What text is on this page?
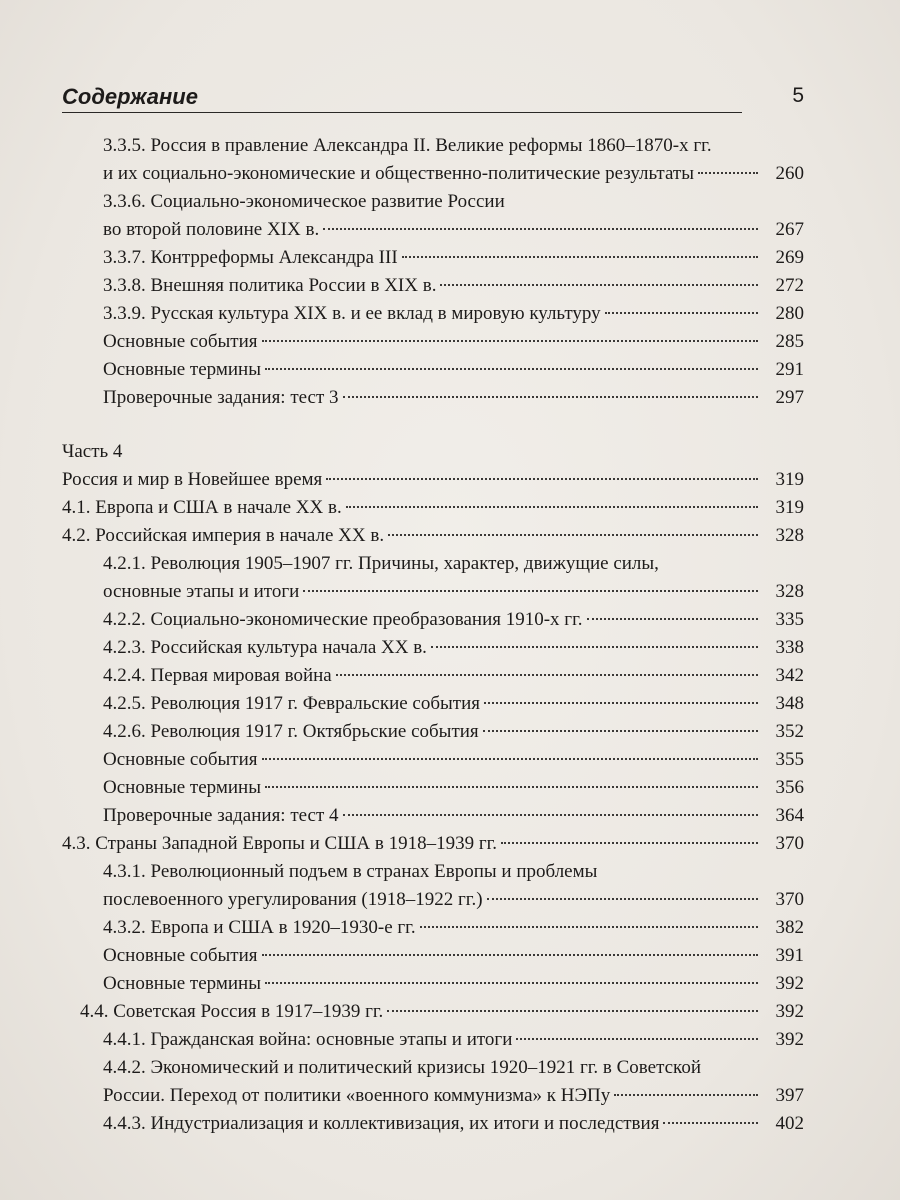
Содержание	5
3.3.5. Россия в правление Александра II. Великие реформы 1860–1870-х гг.
и их социально-экономические и общественно-политические результаты	260
3.3.6. Социально-экономическое развитие России
во второй половине XIX в.	267
3.3.7. Контрреформы Александра III	269
3.3.8. Внешняя политика России в XIX в.	272
3.3.9. Русская культура XIX в. и ее вклад в мировую культуру	280
Основные события	285
Основные термины	291
Проверочные задания: тест 3	297
Часть 4
Россия и мир в Новейшее время	319
4.1. Европа и США в начале XX в.	319
4.2. Российская империя в начале XX в.	328
4.2.1. Революция 1905–1907 гг. Причины, характер, движущие силы,
основные этапы и итоги	328
4.2.2. Социально-экономические преобразования 1910-х гг.	335
4.2.3. Российская культура начала XX в.	338
4.2.4. Первая мировая война	342
4.2.5. Революция 1917 г. Февральские события	348
4.2.6. Революция 1917 г. Октябрьские события	352
Основные события	355
Основные термины	356
Проверочные задания: тест 4	364
4.3. Страны Западной Европы и США в 1918–1939 гг.	370
4.3.1. Революционный подъем в странах Европы и проблемы
послевоенного урегулирования (1918–1922 гг.)	370
4.3.2. Европа и США в 1920–1930-е гг.	382
Основные события	391
Основные термины	392
4.4. Советская Россия в 1917–1939 гг.	392
4.4.1. Гражданская война: основные этапы и итоги	392
4.4.2. Экономический и политический кризисы 1920–1921 гг. в Советской
России. Переход от политики «военного коммунизма» к НЭПу	397
4.4.3. Индустриализация и коллективизация, их итоги и последствия	402
